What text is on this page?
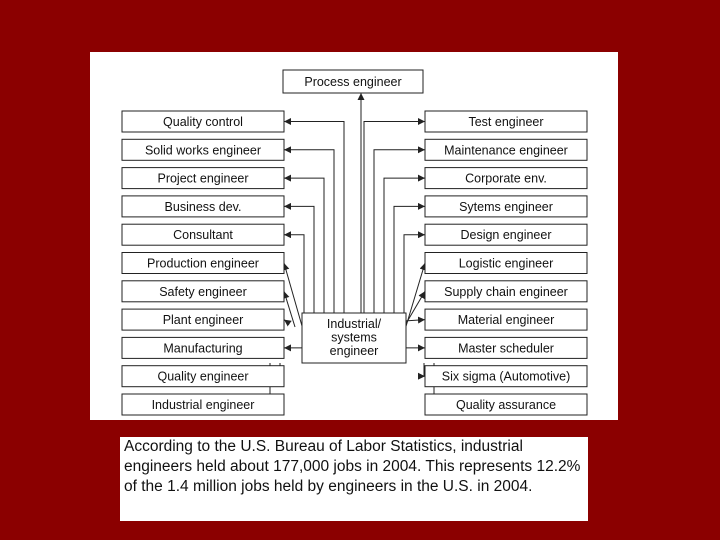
Process engineer
Quality control	Test engineer
Solid works engineer	Maintenance engineer
Project engineer	Corporate env.
Business dev.	Sytems engineer
Consultant	Design engineer
Production engineer	Logistic engineer
Safety engineer	Supply chain engineer
Plant engineer	Material engineer
Manufacturing	Master scheduler
Quality engineer	Six sigma (Automotive)
Industrial engineer	Quality assurance
Industrial/
systems
engineer

According to the U.S. Bureau of Labor Statistics, industrial engineers held about 177,000 jobs in 2004. This represents 12.2% of the 1.4 million jobs held by engineers in the U.S. in 2004.
